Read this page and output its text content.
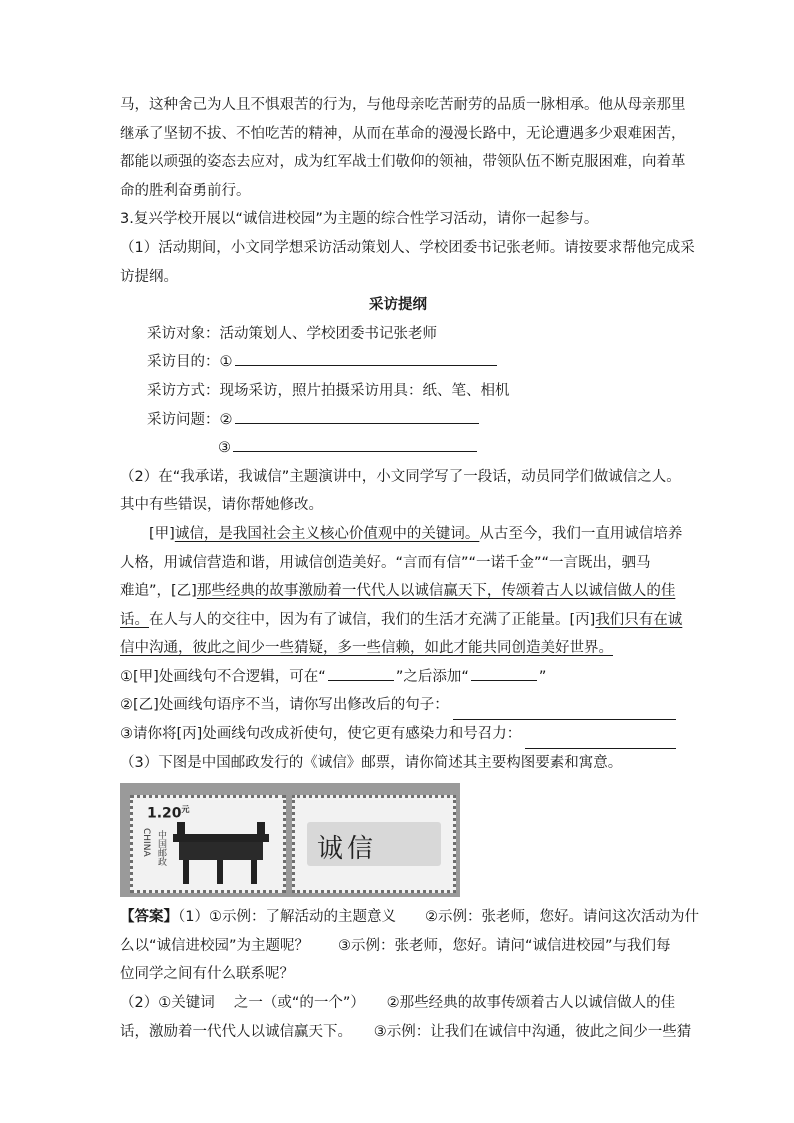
马，这种舍己为人且不惧艰苦的行为，与他母亲吃苦耐劳的品质一脉相承。他从母亲那里

继承了坚韧不拔、不怕吃苦的精神，从而在革命的漫漫长路中，无论遭遇多少艰难困苦，

都能以顽强的姿态去应对，成为红军战士们敬仰的领袖，带领队伍不断克服困难，向着革

命的胜利奋勇前行。

3.复兴学校开展以“诚信进校园”为主题的综合性学习活动，请你一起参与。

（1）活动期间，小文同学想采访活动策划人、学校团委书记张老师。请按要求帮他完成采

访提纲。

采访提纲

采访对象：活动策划人、学校团委书记张老师

采访目的：①

采访方式：现场采访，照片拍摄采访用具：纸、笔、相机

采访问题：②

③

（2）在“我承诺，我诚信”主题演讲中，小文同学写了一段话，动员同学们做诚信之人。

其中有些错误，请你帮她修改。

[甲]诚信，是我国社会主义核心价值观中的关键词。从古至今，我们一直用诚信培养

人格，用诚信营造和谐，用诚信创造美好。“言而有信”“一诺千金”“一言既出，驷马

难追”，[乙]那些经典的故事激励着一代代人以诚信赢天下，传颂着古人以诚信做人的佳

话。在人与人的交往中，因为有了诚信，我们的生活才充满了正能量。[丙]我们只有在诚

信中沟通，彼此之间少一些猜疑，多一些信赖，如此才能共同创造美好世界。

①[甲]处画线句不合逻辑，可在“	”之后添加“	”

②[乙]处画线句语序不当，请你写出修改后的句子：
③请你将[丙]处画线句改成祈使句，使它更有感染力和号召力：

（3）下图是中国邮政发行的《诚信》邮票，请你简述其主要构图要素和寓意。

$1.20^元$
CHINA 中国邮政	诚信

【答案】（1）①示例：了解活动的主题意义　　②示例：张老师，您好。请问这次活动为什

么以“诚信进校园”为主题呢？　　③示例：张老师，您好。请问“诚信进校园”与我们每

位同学之间有什么联系呢？

（2）①关键词　 之一（或“的一个”）　　②那些经典的故事传颂着古人以诚信做人的佳

话，激励着一代代人以诚信赢天下。　　③示例：让我们在诚信中沟通，彼此之间少一些猜
